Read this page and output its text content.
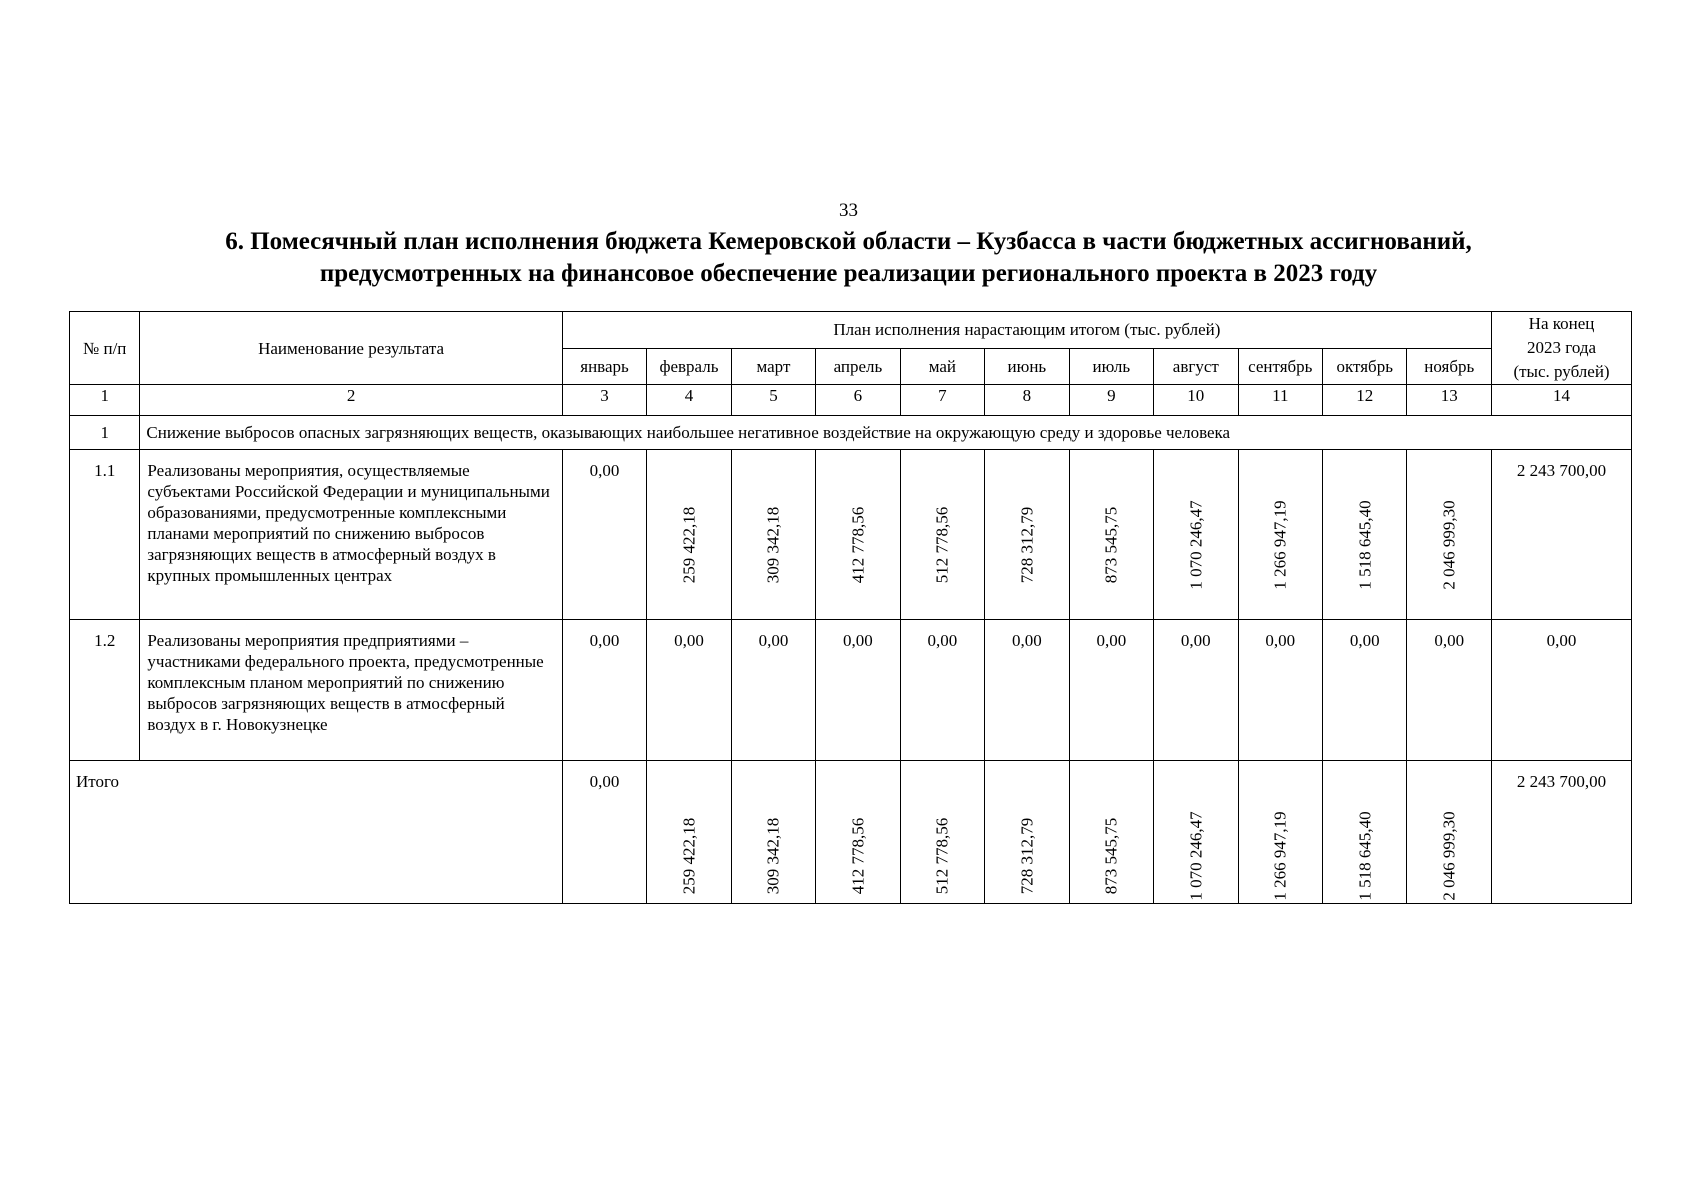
33
6. Помесячный план исполнения бюджета Кемеровской области – Кузбасса в части бюджетных ассигнований,
предусмотренных на финансовое обеспечение реализации регионального проекта в 2023 году
№ п/п	Наименование результата	План исполнения нарастающим итогом (тыс. рублей)											На конец
2023 года
(тыс. рублей)

		январь	февраль	март	апрель	май	июнь	июль	август	сентябрь	октябрь	ноябрь	
1	2	3	4	5	6	7	8	9	10	11	12	13	14
1	Снижение выбросов опасных загрязняющих веществ, оказывающих наибольшее негативное воздействие на окружающую среду и здоровье человека												
1.1	Реализованы мероприятия, осуществляемые субъектами Российской Федерации и муниципальными образованиями, предусмотренные комплексными планами мероприятий по снижению выбросов загрязняющих веществ в атмосферный воздух в крупных промышленных центрах	0,00	259 422,18	309 342,18	412 778,56	512 778,56	728 312,79	873 545,75	1 070 246,47	1 266 947,19	1 518 645,40	2 046 999,30	2 243 700,00
1.2	Реализованы мероприятия предприятиями – участниками федерального проекта, предусмотренные комплексным планом мероприятий по снижению выбросов загрязняющих веществ в атмосферный воздух в г. Новокузнецке	0,00	0,00	0,00	0,00	0,00	0,00	0,00	0,00	0,00	0,00	0,00	0,00
Итого		0,00	259 422,18	309 342,18	412 778,56	512 778,56	728 312,79	873 545,75	1 070 246,47	1 266 947,19	1 518 645,40	2 046 999,30	2 243 700,00
